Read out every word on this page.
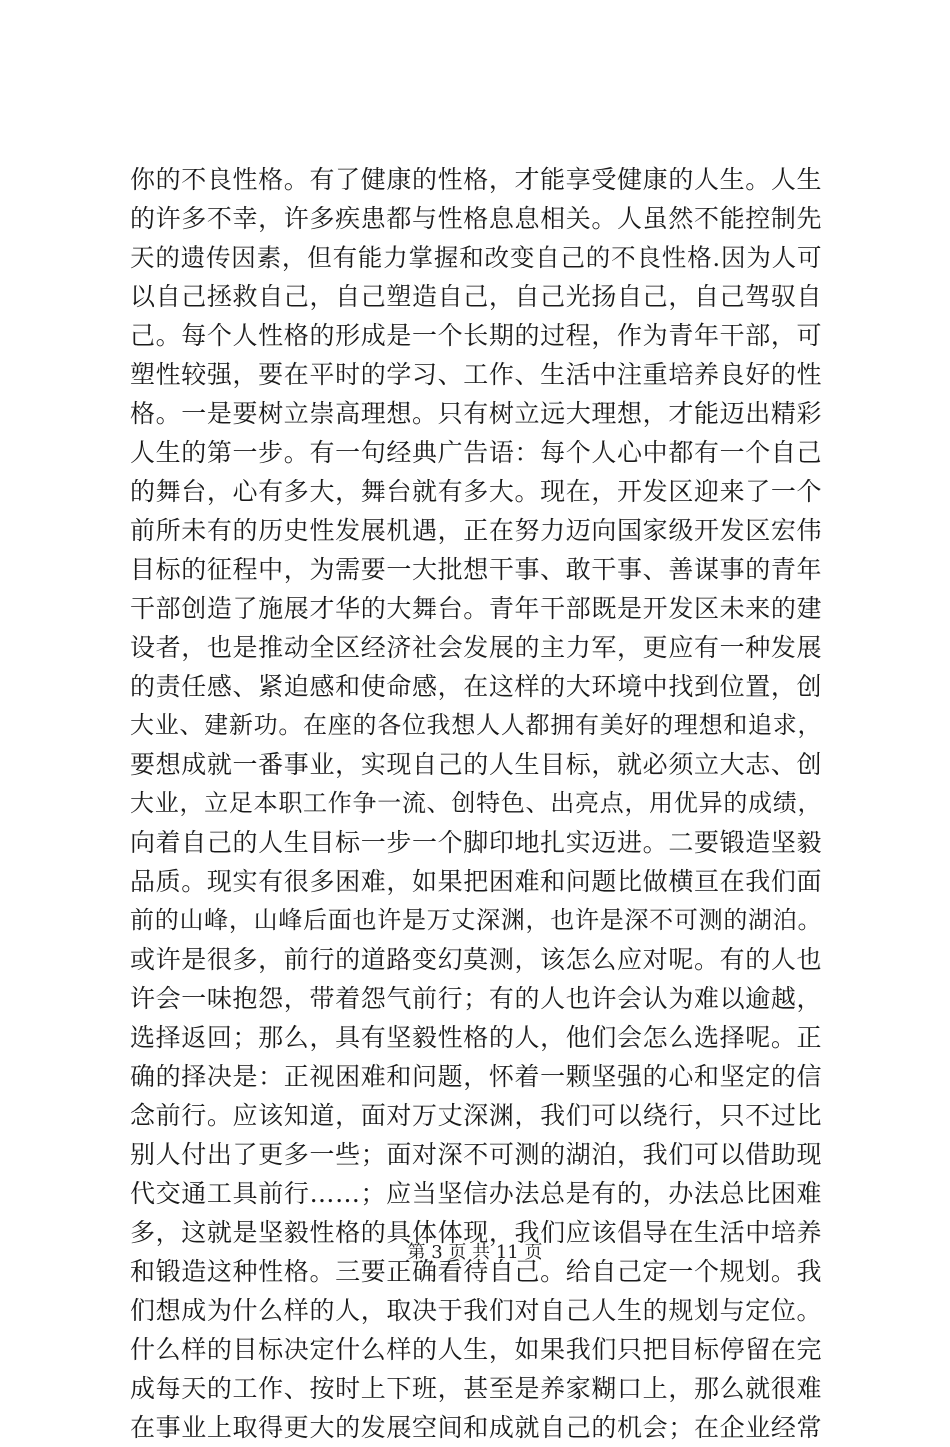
你的不良性格。有了健康的性格，才能享受健康的人生。人生
的许多不幸，许多疾患都与性格息息相关。人虽然不能控制先
天的遗传因素，但有能力掌握和改变自己的不良性格.因为人可
以自己拯救自己，自己塑造自己，自己光扬自己，自己驾驭自
己。每个人性格的形成是一个长期的过程，作为青年干部，可
塑性较强，要在平时的学习、工作、生活中注重培养良好的性
格。一是要树立崇高理想。只有树立远大理想，才能迈出精彩
人生的第一步。有一句经典广告语：每个人心中都有一个自己
的舞台，心有多大，舞台就有多大。现在，开发区迎来了一个
前所未有的历史性发展机遇，正在努力迈向国家级开发区宏伟
目标的征程中，为需要一大批想干事、敢干事、善谋事的青年
干部创造了施展才华的大舞台。青年干部既是开发区未来的建
设者，也是推动全区经济社会发展的主力军，更应有一种发展
的责任感、紧迫感和使命感，在这样的大环境中找到位置，创
大业、建新功。在座的各位我想人人都拥有美好的理想和追求，
要想成就一番事业，实现自己的人生目标，就必须立大志、创
大业，立足本职工作争一流、创特色、出亮点，用优异的成绩，
向着自己的人生目标一步一个脚印地扎实迈进。二要锻造坚毅
品质。现实有很多困难，如果把困难和问题比做横亘在我们面
前的山峰，山峰后面也许是万丈深渊，也许是深不可测的湖泊。
或许是很多，前行的道路变幻莫测，该怎么应对呢。有的人也
许会一味抱怨，带着怨气前行；有的人也许会认为难以逾越，
选择返回；那么，具有坚毅性格的人，他们会怎么选择呢。正
确的择决是：正视困难和问题，怀着一颗坚强的心和坚定的信
念前行。应该知道，面对万丈深渊，我们可以绕行，只不过比
别人付出了更多一些；面对深不可测的湖泊，我们可以借助现
代交通工具前行……；应当坚信办法总是有的，办法总比困难
多，这就是坚毅性格的具体体现，我们应该倡导在生活中培养
和锻造这种性格。三要正确看待自己。给自己定一个规划。我
们想成为什么样的人，取决于我们对自己人生的规划与定位。
什么样的目标决定什么样的人生，如果我们只把目标停留在完
成每天的工作、按时上下班，甚至是养家糊口上，那么就很难
在事业上取得更大的发展空间和成就自己的机会；在企业经常
第 3 页 共 11 页
